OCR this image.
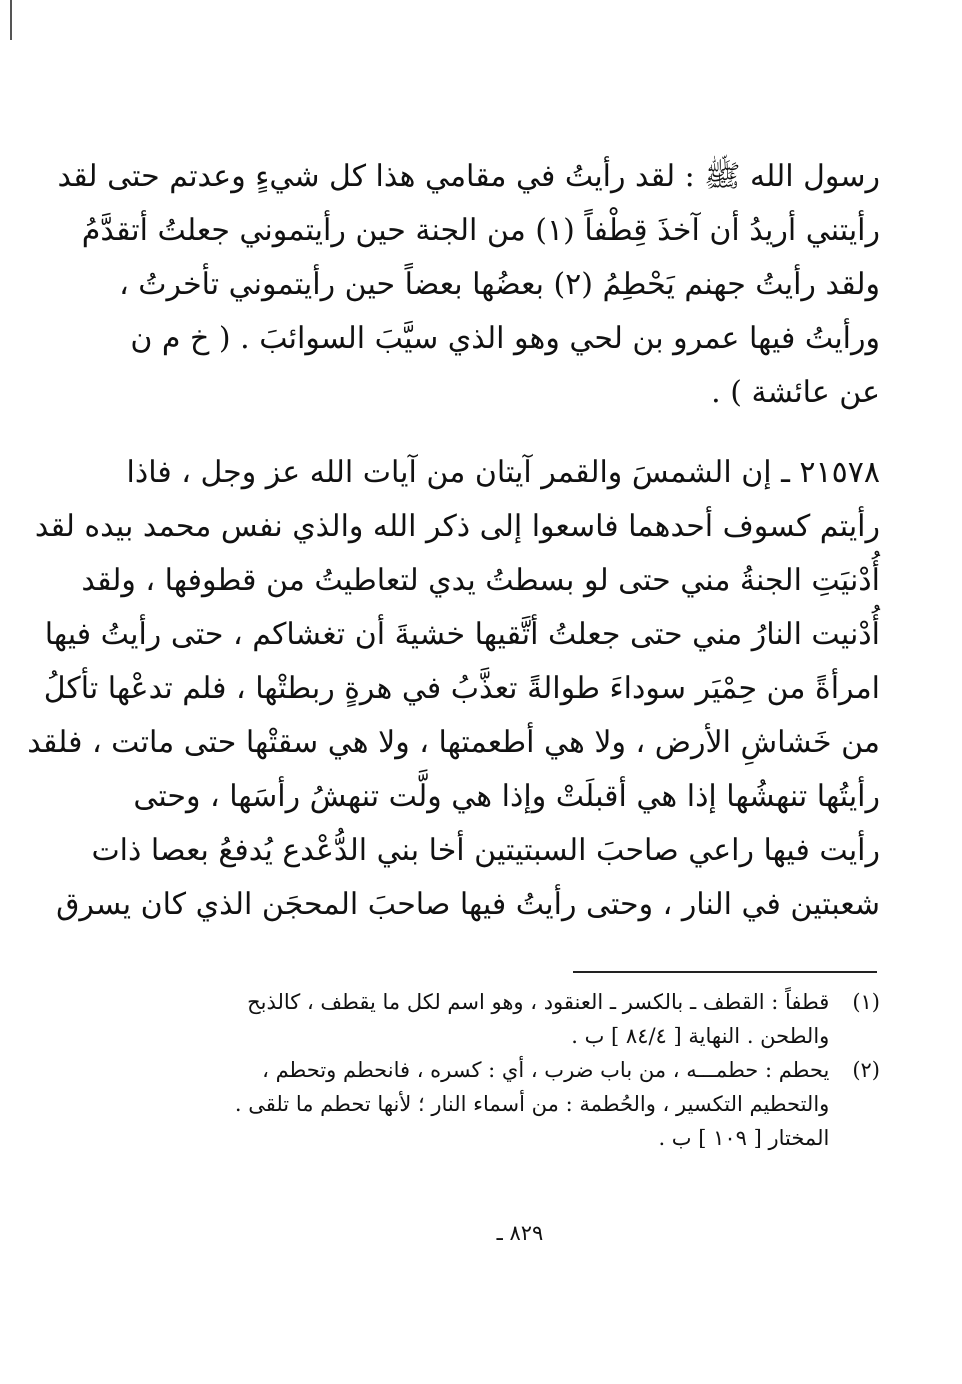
رسول الله ﷺ : لقد رأيتُ في مقامي هذا كل شيءٍ وعدتم حتى لقد
رأيتني أريدُ أن آخذَ قِطْفاً (١) من الجنة حين رأيتموني جعلتُ أتقدَّمُ
ولقد رأيتُ جهنم يَحْطِمُ (٢) بعضُها بعضاً حين رأيتموني تأخرتُ ،
ورأيتُ فيها عمرو بن لحي وهو الذي سيَّبَ السوائبَ . ( خ م ن
عن عائشة ) .
٢١٥٧٨ ـ إن الشمسَ والقمر آيتان من آيات الله عز وجل ، فاذا
رأيتم كسوف أحدهما فاسعوا إلى ذكر الله والذي نفس محمد بيده لقد
أُدْنيَتِ الجنةُ مني حتى لو بسطتُ يدي لتعاطيتُ من قطوفها ، ولقد
أُدْنيت النارُ مني حتى جعلتُ أتَّقيها خشيةَ أن تغشاكم ، حتى رأيتُ فيها
امرأةً من حِمْيَر سوداءَ طوالةً تعذَّبُ في هرةٍ ربطتْها ، فلم تدعْها تأكلُ
من خَشاشِ الأرض ، ولا هي أطعمتها ، ولا هي سقتْها حتى ماتت ، فلقد
رأيتُها تنهشُها إذا هي أقبلَتْ وإذا هي ولَّت تنهشُ رأسَها ، وحتى
رأيت فيها راعي صاحبَ السبتيتين أخا بني الدُّعْدع يُدفعُ بعصا ذات
شعبتين في النار ، وحتى رأيتُ فيها صاحبَ المحجَن الذي كان يسرق
(١) قطفاً : القطف ـ بالكسر ـ العنقود ، وهو اسم لكل ما يقطف ، كالذبح
والطحن . النهاية [ ٨٤/٤ ] ب .
(٢) يحطم : حطمـــه ، من باب ضرب ، أي : كسره ، فانحطم وتحطم ،
والتحطيم التكسير ، والحُطمة : من أسماء النار ؛ لأنها تحطم ما تلقى .
المختار [ ١٠٩ ] ب .
٨٢٩ ـ
